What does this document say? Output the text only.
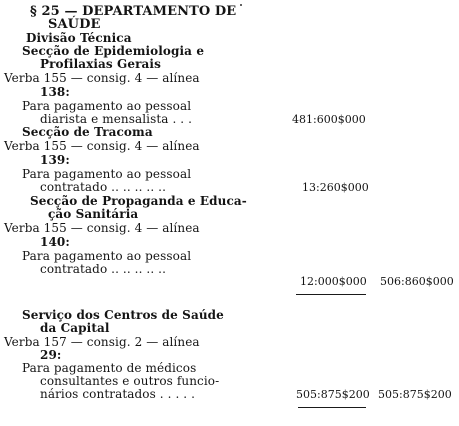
§ 25 — DEPARTAMENTO DE
SAÚDE
Divisão Técnica
Secção de Epidemiologia e
Profilaxias Gerais
Verba 155 — consig. 4 — alínea
138:
Para pagamento ao pessoal
diarista e mensalista . . .	481:600$000
Secção de Tracoma
Verba 155 — consig. 4 — alínea
139:
Para pagamento ao pessoal
contratado .. .. .. .. ..	13:260$000
Secção de Propaganda e Educa-
ção Sanitária
Verba 155 — consig. 4 — alínea
140:
Para pagamento ao pessoal
contratado .. .. .. .. ..
12:000$000 506:860$000
Serviço dos Centros de Saúde
da Capital
Verba 157 — consig. 2 — alínea
29:
Para pagamento de médicos
consultantes e outros funcio-
nários contratados . . . . .	505:875$200 505:875$200
